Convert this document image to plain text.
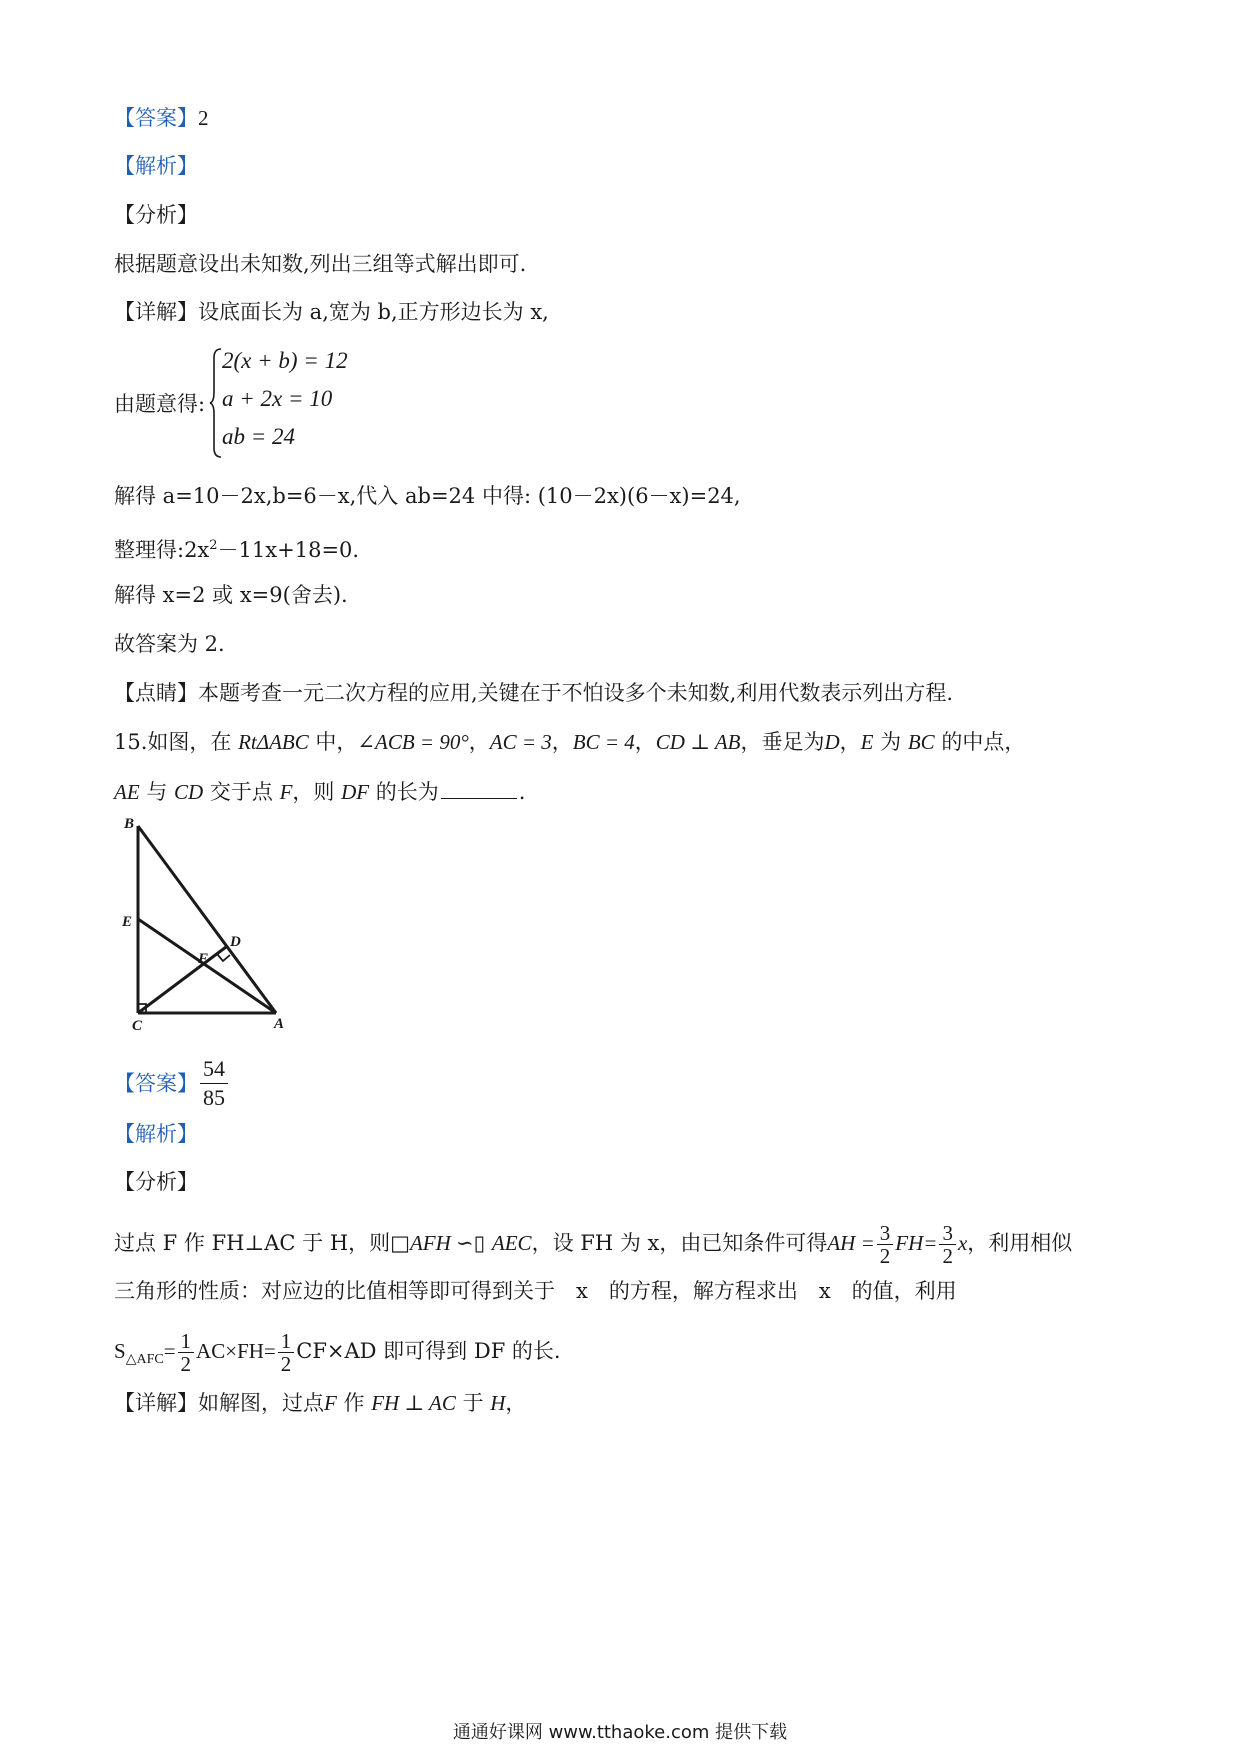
【答案】2
【解析】
【分析】
根据题意设出未知数,列出三组等式解出即可.
【详解】设底面长为 a,宽为 b,正方形边长为 x,
由题意得:
2(x + b) = 12
a + 2x = 10
ab = 24
解得 a=10－2x,b=6－x,代入 ab=24 中得: (10－2x)(6－x)=24,
整理得$:2x^2-11x+18=0$.
解得 x=2 或 x=9(舍去).
故答案为 2.
【点睛】本题考查一元二次方程的应用,关键在于不怕设多个未知数,利用代数表示列出方程.
15.如图，在 RtΔABC 中，∠ACB = 90°，AC = 3，BC = 4，CD ⊥ AB，垂足为D，E 为 BC 的中点，
AE 与 CD 交于点 F，则 DF 的长为	.
B
E
D
F
C	A
【答案】 $\frac{54}{85}$
【解析】
【分析】
过点 F 作 FH⊥AC 于 H，则□AFH ∽▯ AEC，设 FH 为 x，由已知条件可得AH = $\frac{3}{2} FH= \frac{3}{2}$ x，利用相似
三角形的性质：对应边的比值相等即可得到关于　x　的方程，解方程求出　x　的值，利用
$S_{\triangle AFC}= \frac{1}{2} AC\times FH= \frac{1}{2} CF\times AD$ 即可得到 DF 的长.
【详解】如解图，过点F 作 FH ⊥ AC 于 H，
通通好课网 www.tthaoke.com 提供下载
